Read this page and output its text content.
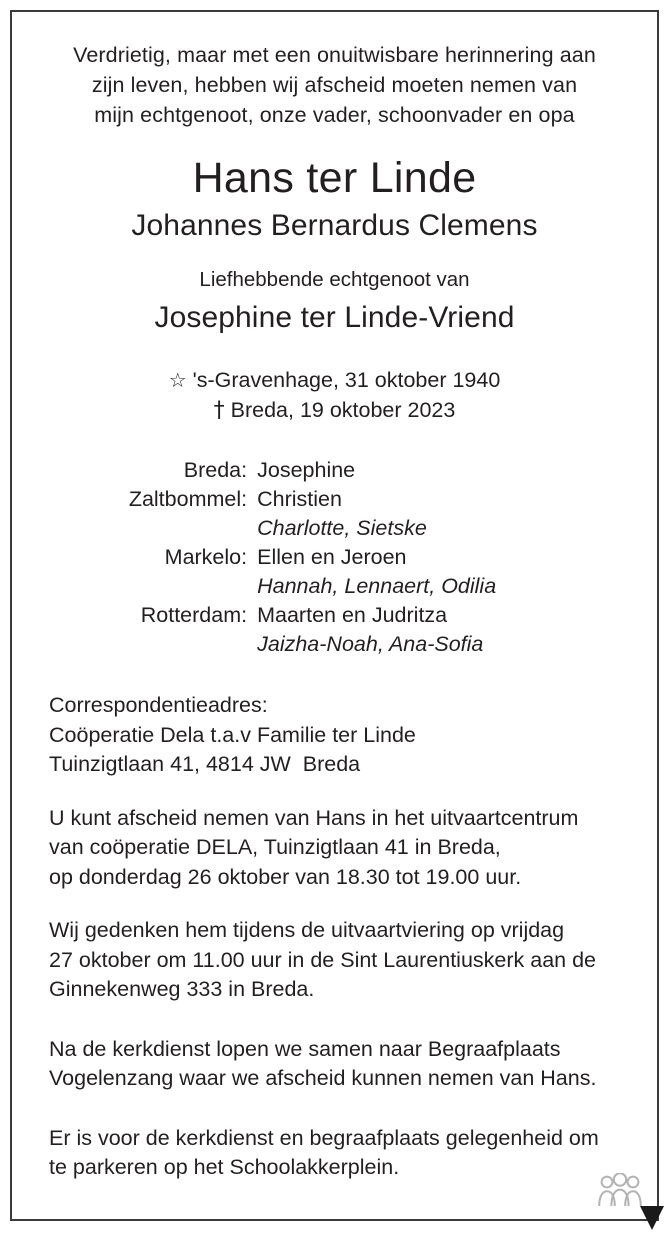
Verdrietig, maar met een onuitwisbare herinnering aan
zijn leven, hebben wij afscheid moeten nemen van
mijn echtgenoot, onze vader, schoonvader en opa
Hans ter Linde
Johannes Bernardus Clemens
Liefhebbende echtgenoot van
Josephine ter Linde-Vriend
☆ 's-Gravenhage, 31 oktober 1940
† Breda, 19 oktober 2023
Breda:	Josephine
Zaltbommel:	Christien
	Charlotte, Sietske
Markelo:	Ellen en Jeroen
	Hannah, Lennaert, Odilia
Rotterdam:	Maarten en Judritza
	Jaizha-Noah, Ana-Sofia
Correspondentieadres:
Coöperatie Dela t.a.v Familie ter Linde
Tuinzigtlaan 41, 4814 JW  Breda
U kunt afscheid nemen van Hans in het uitvaartcentrum
van coöperatie DELA, Tuinzigtlaan 41 in Breda,
op donderdag 26 oktober van 18.30 tot 19.00 uur.
Wij gedenken hem tijdens de uitvaartviering op vrijdag
27 oktober om 11.00 uur in de Sint Laurentiuskerk aan de
Ginnekenweg 333 in Breda.
Na de kerkdienst lopen we samen naar Begraafplaats
Vogelenzang waar we afscheid kunnen nemen van Hans.
Er is voor de kerkdienst en begraafplaats gelegenheid om
te parkeren op het Schoolakkerplein.
